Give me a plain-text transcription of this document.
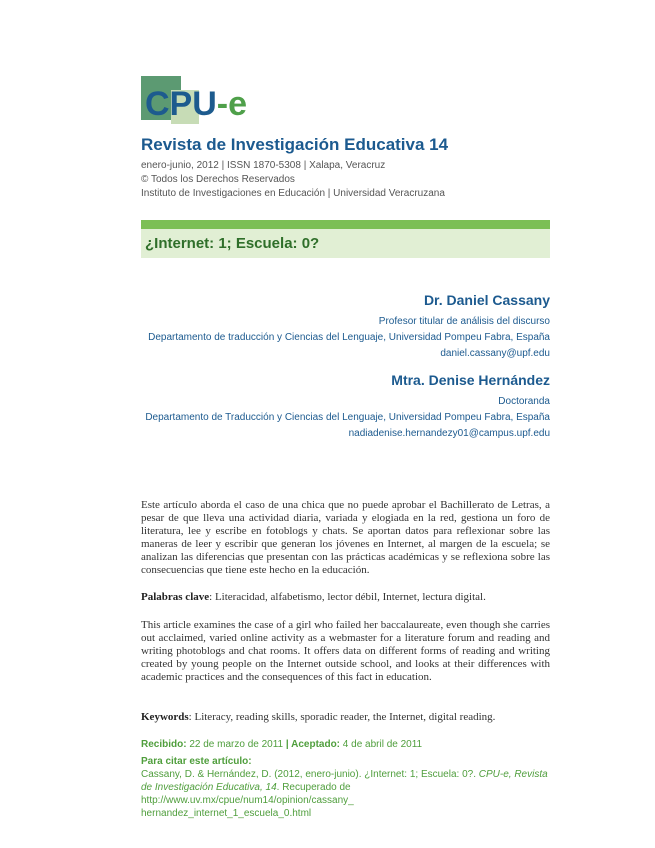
CPU-e
Revista de Investigación Educativa 14
enero-junio, 2012 | ISSN 1870-5308 | Xalapa, Veracruz
© Todos los Derechos Reservados
Instituto de Investigaciones en Educación | Universidad Veracruzana
¿Internet: 1; Escuela: 0?
Dr. Daniel Cassany
Profesor titular de análisis del discurso
Departamento de traducción y Ciencias del Lenguaje, Universidad Pompeu Fabra, España
daniel.cassany@upf.edu
Mtra. Denise Hernández
Doctoranda
Departamento de Traducción y Ciencias del Lenguaje, Universidad Pompeu Fabra, España
nadiadenise.hernandezy01@campus.upf.edu
Este artículo aborda el caso de una chica que no puede aprobar el Bachillerato de Letras, a pesar de que lleva una actividad diaria, variada y elogiada en la red, gestiona un foro de literatura, lee y escribe en fotoblogs y chats. Se aportan datos para reflexionar sobre las maneras de leer y escribir que generan los jóvenes en Internet, al margen de la escuela; se analizan las diferencias que presentan con las prácticas académicas y se reflexiona sobre las consecuencias que tiene este hecho en la educación.
Palabras clave: Literacidad, alfabetismo, lector débil, Internet, lectura digital.
This article examines the case of a girl who failed her baccalaureate, even though she carries out acclaimed, varied online activity as a webmaster for a literature forum and reading and writing photoblogs and chat rooms. It offers data on different forms of reading and writing created by young people on the Internet outside school, and looks at their differences with academic practices and the consequences of this fact in education.
Keywords: Literacy, reading skills, sporadic reader, the Internet, digital reading.
Recibido: 22 de marzo de 2011 | Aceptado: 4 de abril de 2011
Para citar este artículo:
Cassany, D. & Hernández, D. (2012, enero-junio). ¿Internet: 1; Escuela: 0?. CPU-e, Revista de Investigación Educativa, 14. Recuperado de http://www.uv.mx/cpue/num14/opinion/cassany_
hernandez_internet_1_escuela_0.html
